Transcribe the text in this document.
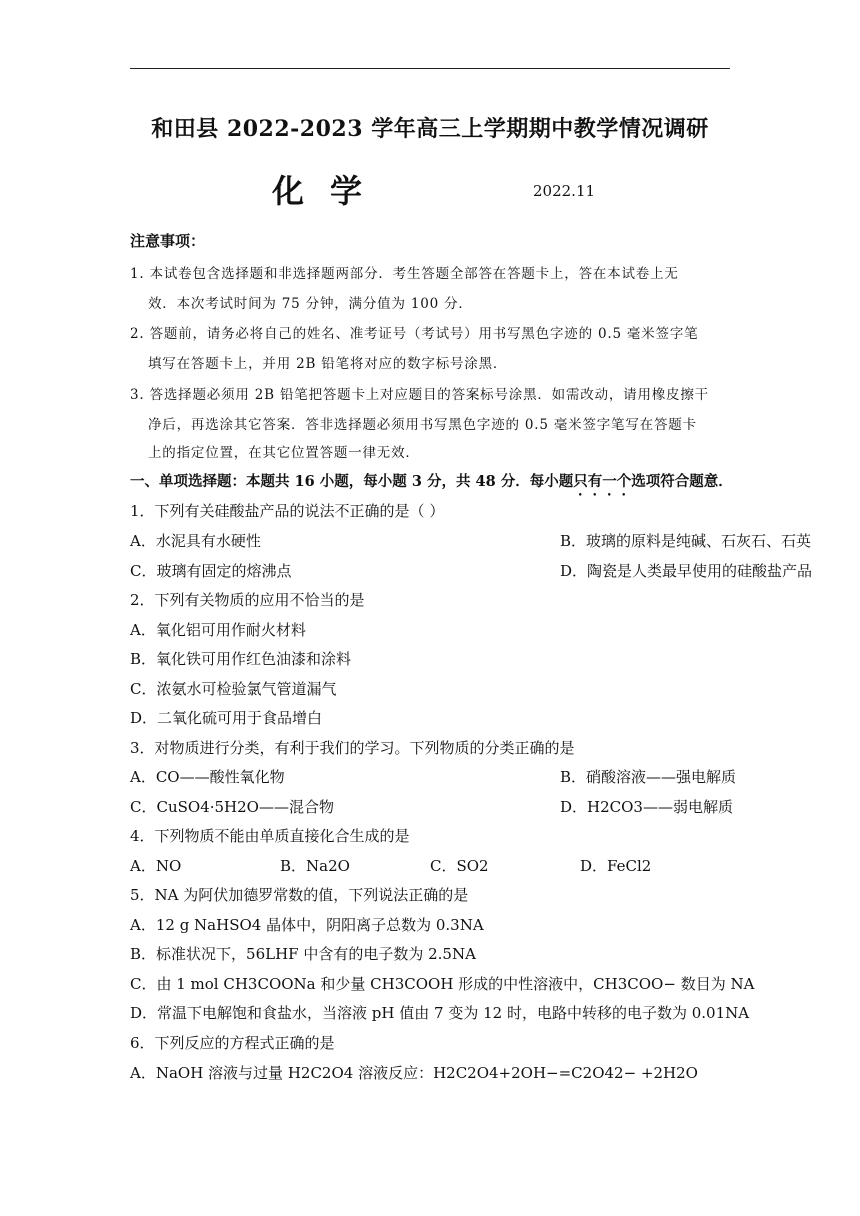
和田县 2022-2023 学年高三上学期期中教学情况调研
化学	2022.11
注意事项：
1. 本试卷包含选择题和非选择题两部分．考生答题全部答在答题卡上，答在本试卷上无
效．本次考试时间为 75 分钟，满分值为 100 分．
2. 答题前，请务必将自己的姓名、准考证号（考试号）用书写黑色字迹的 0.5 毫米签字笔
填写在答题卡上，并用 2B 铅笔将对应的数字标号涂黑．
3. 答选择题必须用 2B 铅笔把答题卡上对应题目的答案标号涂黑．如需改动，请用橡皮擦干
净后，再选涂其它答案．答非选择题必须用书写黑色字迹的 0.5 毫米签字笔写在答题卡
上的指定位置，在其它位置答题一律无效．
一、单项选择题：本题共 16 小题，每小题 3 分，共 48 分．每小题只有一个选项符合题意．
1．下列有关硅酸盐产品的说法不正确的是（ ）
A．水泥具有水硬性	B．玻璃的原料是纯碱、石灰石、石英
C．玻璃有固定的熔沸点	D．陶瓷是人类最早使用的硅酸盐产品
2．下列有关物质的应用不恰当的是
A．氧化铝可用作耐火材料
B．氧化铁可用作红色油漆和涂料
C．浓氨水可检验氯气管道漏气
D．二氧化硫可用于食品增白
3．对物质进行分类，有利于我们的学习。下列物质的分类正确的是
A．CO——酸性氧化物	B．硝酸溶液——强电解质
C．CuSO4·5H2O——混合物	D．H2CO3——弱电解质
4．下列物质不能由单质直接化合生成的是
A．NO	B．Na2O	C．SO2	D．FeCl2
5．NA 为阿伏加德罗常数的值，下列说法正确的是
A．12 g NaHSO4 晶体中，阴阳离子总数为 0.3NA
B．标准状况下，56LHF 中含有的电子数为 2.5NA
C．由 1 mol CH3COONa 和少量 CH3COOH 形成的中性溶液中，CH3COO− 数目为 NA
D．常温下电解饱和食盐水，当溶液 pH 值由 7 变为 12 时，电路中转移的电子数为 0.01NA
6．下列反应的方程式正确的是
A．NaOH 溶液与过量 H2C2O4 溶液反应：H2C2O4+2OH−=C2O42− +2H2O
